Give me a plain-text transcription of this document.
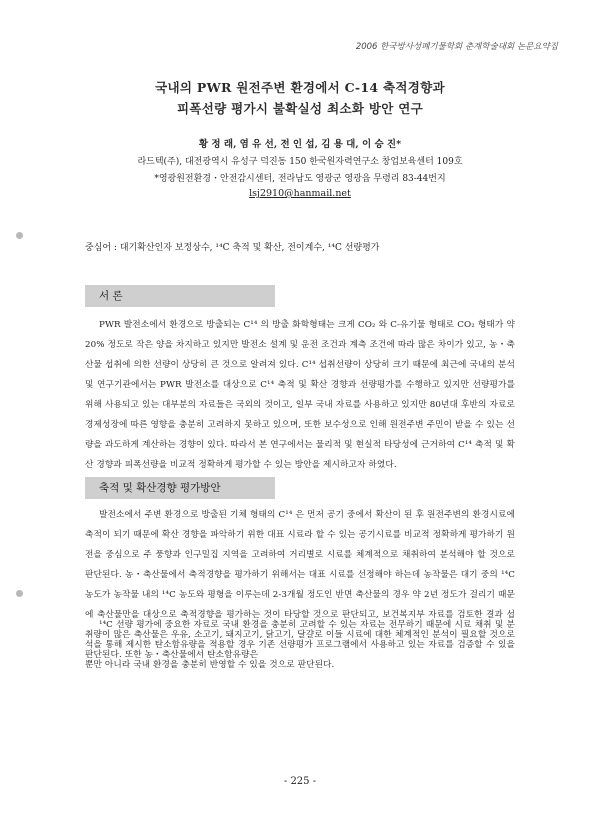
2006 한국방사성폐기물학회 춘계학술대회 논문요약집
국내의 PWR 원전주변 환경에서 C-14 축적경향과
피폭선량 평가시 불확실성 최소화 방안 연구
황 정 래, 염 유 선, 전 인 섭, 김 용 대, 이 승 진*
라드텍(주), 대전광역시 유성구 덕진동 150 한국원자력연구소 창업보육센터 109호
*영광원전환경・안전감시센터, 전라남도 영광군 영광읍 무령리 83-44번지
lsj2910@hanmail.net
중심어 : 대기확산인자 보정상수, ¹⁴C 축적 및 확산, 전이계수, ¹⁴C 선량평가
서 론
PWR 발전소에서 환경으로 방출되는 C¹⁴ 의 방출 화학형태는 크게 CO₂ 와 C-유기물 형태로 CO₂ 형태가 약 20% 정도로 작은 양을 차지하고 있지만 발전소 설계 및 운전 조건과 계측 조건에 따라 많은 차이가 있고, 농・축산물 섭취에 의한 선량이 상당히 큰 것으로 알려져 있다. C¹⁴ 섭취선량이 상당히 크기 때문에 최근에 국내의 분석 및 연구기관에서는 PWR 발전소를 대상으로 C¹⁴ 축적 및 확산 경향과 선량평가를 수행하고 있지만 선량평가를 위해 사용되고 있는 대부분의 자료들은 국외의 것이고, 일부 국내 자료를 사용하고 있지만 80년대 후반의 자료로 경제성장에 따른 영향을 충분히 고려하지 못하고 있으며, 또한 보수성으로 인해 원전주변 주민이 받을 수 있는 선량을 과도하게 계산하는 경향이 있다. 따라서 본 연구에서는 물리적 및 현실적 타당성에 근거하여 C¹⁴ 축적 및 확산 경향과 피폭선량을 비교적 정확하게 평가할 수 있는 방안을 제시하고자 하였다.
축적 및 확산경향 평가방안
발전소에서 주변 환경으로 방출된 기체 형태의 C¹⁴ 은 먼저 공기 중에서 확산이 된 후 원전주변의 환경시료에 축적이 되기 때문에 확산 경향을 파악하기 위한 대표 시료라 할 수 있는 공기시료를 비교적 정확하게 평가하기 원전을 중심으로 주 풍향과 인구밀집 지역을 고려하여 거리별로 시료를 체계적으로 채취하여 분석해야 할 것으로 판단된다. 농・축산물에서 축적경향을 평가하기 위해서는 대표 시료를 선정해야 하는데 농작물은 대기 중의 ¹⁴C 농도가 농작물 내의 ¹⁴C 농도와 평형을 이루는데 2-3개월 정도인 반면 축산물의 경우 약 2년 정도가 걸리기 때문에 축산물만을 대상으로 축적경향을 평가하는 것이 타당할 것으로 판단되고, 보건복지부 자료를 검토한 결과 섭취량이 많은 축산물은 우유, 소고기, 돼지고기, 닭고기, 달걀로 이들 시료에 대한 체계적인 분석이 필요할 것으로 판단된다. 또한 농・축산물에서 탄소함유량은
¹⁴C 선량 평가에 중요한 자료로 국내 환경을 충분히 고려할 수 있는 자료는 전무하기 때문에 시료 채취 및 분석을 통해 제시한 탄소함유량을 적용할 경우 기존 선량평가 프로그램에서 사용하고 있는 자료를 검증할 수 있을 뿐만 아니라 국내 환경을 충분히 반영할 수 있을 것으로 판단된다.
- 225 -
